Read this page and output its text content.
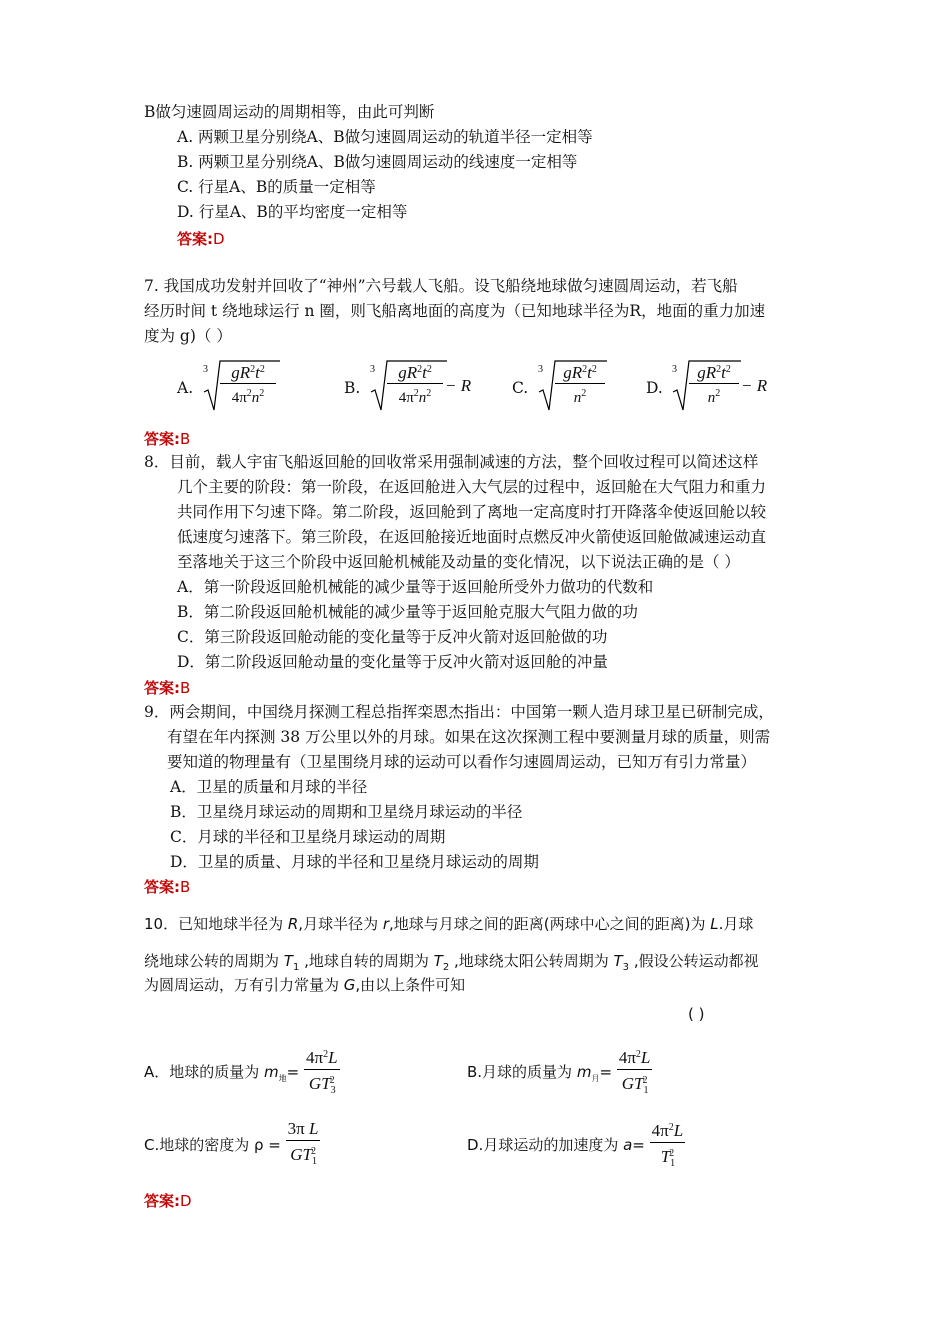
B做匀速圆周运动的周期相等，由此可判断
A. 两颗卫星分别绕A、B做匀速圆周运动的轨道半径一定相等
B. 两颗卫星分别绕A、B做匀速圆周运动的线速度一定相等
C. 行星A、B的质量一定相等
D. 行星A、B的平均密度一定相等
答案:D
7. 我国成功发射并回收了“神州”六号载人飞船。设飞船绕地球做匀速圆周运动，若飞船
经历时间 t 绕地球运行 n 圈，则飞船离地面的高度为（已知地球半径为R，地面的重力加速
度为 g)（ ）
A.
3	$gR^2t^2$
$4\pi^2n^2$	B.
3	$gR^2t^2$
$4\pi^2n^2 - R$	C.
3	$gR^2t^2$
$n^2$	D.
3	$gR^2t^2$
$n^2$	− R
答案:B
8．目前，载人宇宙飞船返回舱的回收常采用强制减速的方法，整个回收过程可以简述这样
几个主要的阶段：第一阶段，在返回舱进入大气层的过程中，返回舱在大气阻力和重力
共同作用下匀速下降。第二阶段，返回舱到了离地一定高度时打开降落伞使返回舱以较
低速度匀速落下。第三阶段，在返回舱接近地面时点燃反冲火箭使返回舱做减速运动直
至落地关于这三个阶段中返回舱机械能及动量的变化情况，以下说法正确的是（ ）
A．第一阶段返回舱机械能的减少量等于返回舱所受外力做功的代数和
B．第二阶段返回舱机械能的减少量等于返回舱克服大气阻力做的功
C．第三阶段返回舱动能的变化量等于反冲火箭对返回舱做的功
D．第二阶段返回舱动量的变化量等于反冲火箭对返回舱的冲量
答案:B
9．两会期间，中国绕月探测工程总指挥栾恩杰指出：中国第一颗人造月球卫星已研制完成，
有望在年内探测 38 万公里以外的月球。如果在这次探测工程中要测量月球的质量，则需
要知道的物理量有（卫星围绕月球的运动可以看作匀速圆周运动，已知万有引力常量）
A．卫星的质量和月球的半径
B．卫星绕月球运动的周期和卫星绕月球运动的半径
C．月球的半径和卫星绕月球运动的周期
D．卫星的质量、月球的半径和卫星绕月球运动的周期
答案:B
10．已知地球半径为 R,月球半径为 r,地球与月球之间的距离(两球中心之间的距离)为 L.月球
绕地球公转的周期为 $T_1$ ,地球自转的周期为 $T_2$ ,地球绕太阳公转周期为 $T_3$ ,假设公转运动都视
为圆周运动，万有引力常量为 G,由以上条件可知
( )
A．地球的质量为 $m_地= \frac{4\pi^2L}{GT_3^2}$	B.月球的质量为 $m_月= \frac{4\pi^2L}{GT_1^2}$
C.地球的密度为 $\rho = \frac{\text{3π L}}{GT_1^2}$	D.月球运动的加速度为 $a= \frac{4\pi^2L}{T_1^2}$
答案:D
